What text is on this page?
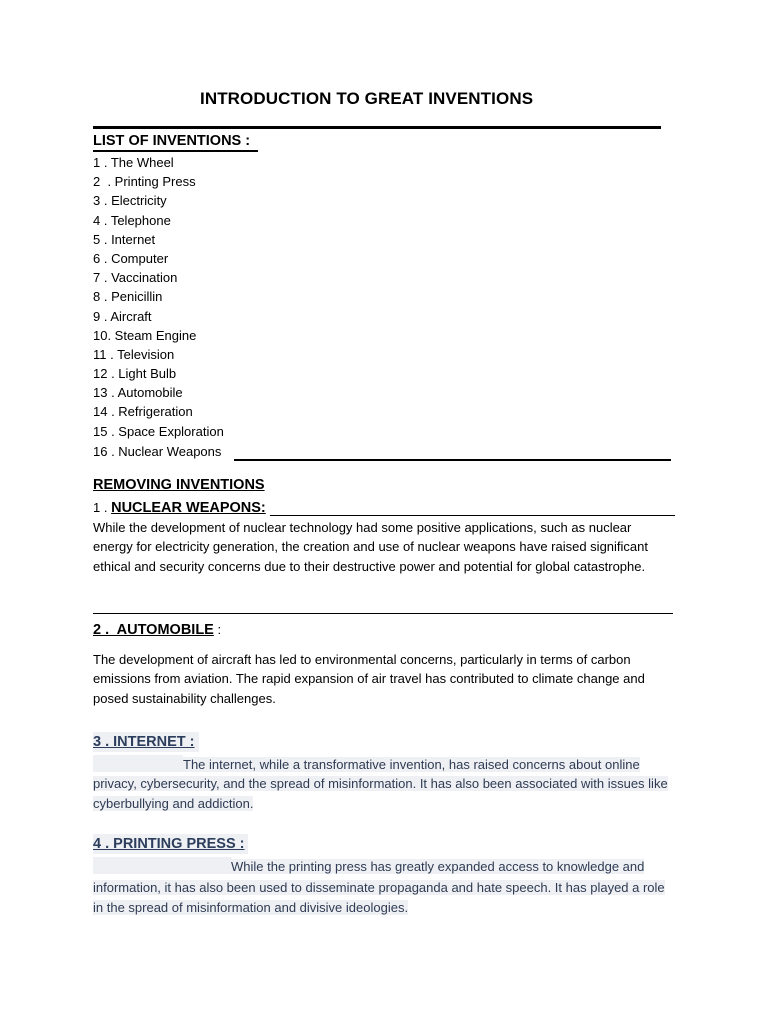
INTRODUCTION TO GREAT INVENTIONS
LIST OF INVENTIONS :
1 . The Wheel
2  . Printing Press
3 . Electricity
4 . Telephone
5 . Internet
6 . Computer
7 . Vaccination
8 . Penicillin
9 . Aircraft
10. Steam Engine
11 . Television
12 . Light Bulb
13 . Automobile
14 . Refrigeration
15 . Space Exploration
16 . Nuclear Weapons
REMOVING INVENTIONS
1 . NUCLEAR WEAPONS:

While the development of nuclear technology had some positive applications, such as nuclear energy for electricity generation, the creation and use of nuclear weapons have raised significant ethical and security concerns due to their destructive power and potential for global catastrophe.

2 .  AUTOMOBILE :

The development of aircraft has led to environmental concerns, particularly in terms of carbon emissions from aviation. The rapid expansion of air travel has contributed to climate change and posed sustainability challenges.

3 . INTERNET :

The internet, while a transformative invention, has raised concerns about online privacy, cybersecurity, and the spread of misinformation. It has also been associated with issues like cyberbullying and addiction.

4 . PRINTING PRESS :

While the printing press has greatly expanded access to knowledge and information, it has also been used to disseminate propaganda and hate speech. It has played a role in the spread of misinformation and divisive ideologies.
